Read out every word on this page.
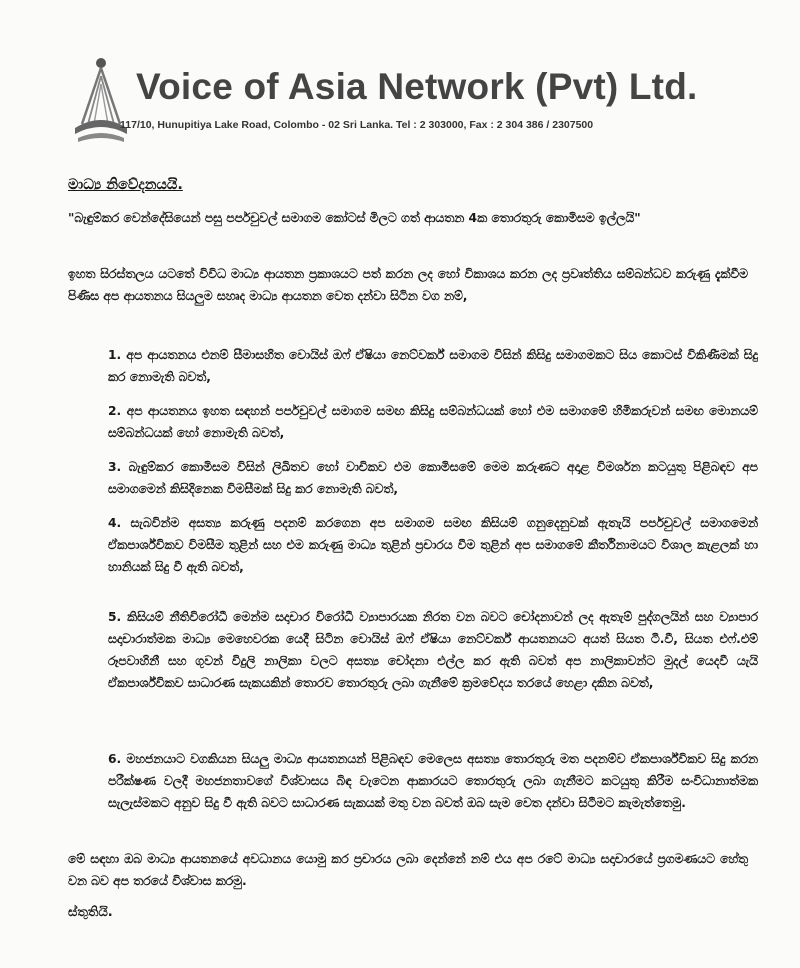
Voice of Asia Network (Pvt) Ltd.
117/10, Hunupitiya Lake Road, Colombo - 02 Sri Lanka. Tel : 2 303000, Fax : 2 304 386 / 2307500
මාධ්‍ය නිවේදනයයි.
"බැඳුම්කර වෙන්දේසියෙන් පසු පර්පචුවල් සමාගම කෝටස් මිලට ගත් ආයතන 4ක තොරතුරු කොමිසම ඉල්ලයි"
ඉහත සිරස්තලය යටතේ විවිධ මාධ්‍ය ආයතන ප්‍රකාශයට පත් කරන ලද හෝ විකාශය කරන ලද ප්‍රවෘත්තිය සම්බන්ධව කරුණු දැක්වීම පිණිස අප ආයතනය සියලුම සහෘද මාධ්‍ය ආයතන වෙත දන්වා සිටින වග නම්,
1. අප ආයතනය එනම් සීමාසහිත වොයිස් ඔෆ් ඒෂියා නෙට්වර්ක් සමාගම විසින් කිසිදු සමාගමකට සිය කොටස් විකිණීමක් සිදු කර නොමැති බවත්,
2. අප ආයතනය ඉහත සඳහන් පර්පචුවල් සමාගම සමඟ කිසිදු සම්බන්ධයක් හෝ එම සමාගමේ හිමිකරුවන් සමඟ මොනයම් සම්බන්ධයක් හෝ නොමැති බවත්,
3. බැඳුම්කර කොමිසම විසින් ලිඛිතව හෝ වාචිකව එම කොමිසමේ මෙම කරුණට අදාළ විමර්ශන කටයුතු පිළිබඳව අප සමාගමෙන් කිසිදිනෙක විමසීමක් සිදු කර නොමැති බවත්,
4. සැබවින්ම අසත්‍ය කරුණු පදනම් කරගෙන අප සමාගම සමඟ කිසියම් ගනුදෙනුවක් ඇතැයි පර්පචුවල් සමාගමෙන් ඒකපාර්ශ්විකව විමසීම තුළින් සහ එම කරුණු මාධ්‍ය තුළින් ප්‍රචාරය වීම තුළින් අප සමාගමේ කීර්තිනාමයට විශාල කැළලක් හා හානියක් සිදු වී ඇති බවත්,
5. කිසියම් නීතිවිරෝධී මෙන්ම සදාචාර විරෝධී ව්‍යාපාරයක නිරත වන බවට චෝදනාවන් ලද ඇතැම් පුද්ගලයින් සහ ව්‍යාපාර සදාචාරාත්මක මාධ්‍ය මෙහෙවරක යෙදී සිටින වොයිස් ඔෆ් ඒෂියා නෙට්වර්ක් ආයතනයට අයත් සියත ටී.වී, සියත එෆ්.එම් රූපවාහිනී සහ ගුවන් විදුලි නාලිකා වලට අසත්‍ය චෝදනා එල්ල කර ඇති බවත් අප නාලිකාවන්ට මුදල් යෙදවී යැයි ඒකපාර්ශ්විකව සාධාරණ සැකයකින් තොරව තොරතුරු ලබා ගැනීමේ ක්‍රමවේදය තරයේ හෙළා දකින බවත්,
6. මහජනයාට වගකියන සියලු මාධ්‍ය ආයතනයන් පිළිබඳව මෙලෙස අසත්‍ය තොරතුරු මත පදනම්ව ඒකපාර්ශ්විකව සිදු කරන පරීක්ෂණ වලදී මහජනතාවගේ විශ්වාසය බිඳ වැටෙන ආකාරයට තොරතුරු ලබා ගැනීමට කටයුතු කිරීම සංවිධානාත්මක සැලැස්මකට අනුව සිදු වී ඇති බවට සාධාරණ සැකයක් මතු වන බවත් ඔබ සැම වෙත දන්වා සිටීමට කැමැත්තෙමු.
මේ සඳහා ඔබ මාධ්‍ය ආයතනයේ අවධානය යොමු කර ප්‍රචාරය ලබා දෙන්නේ නම් එය අප රටේ මාධ්‍ය සදාචාරයේ ප්‍රගමණයට හේතු වන බව අප තරයේ විශ්වාස කරමු.
ස්තුතියි.
